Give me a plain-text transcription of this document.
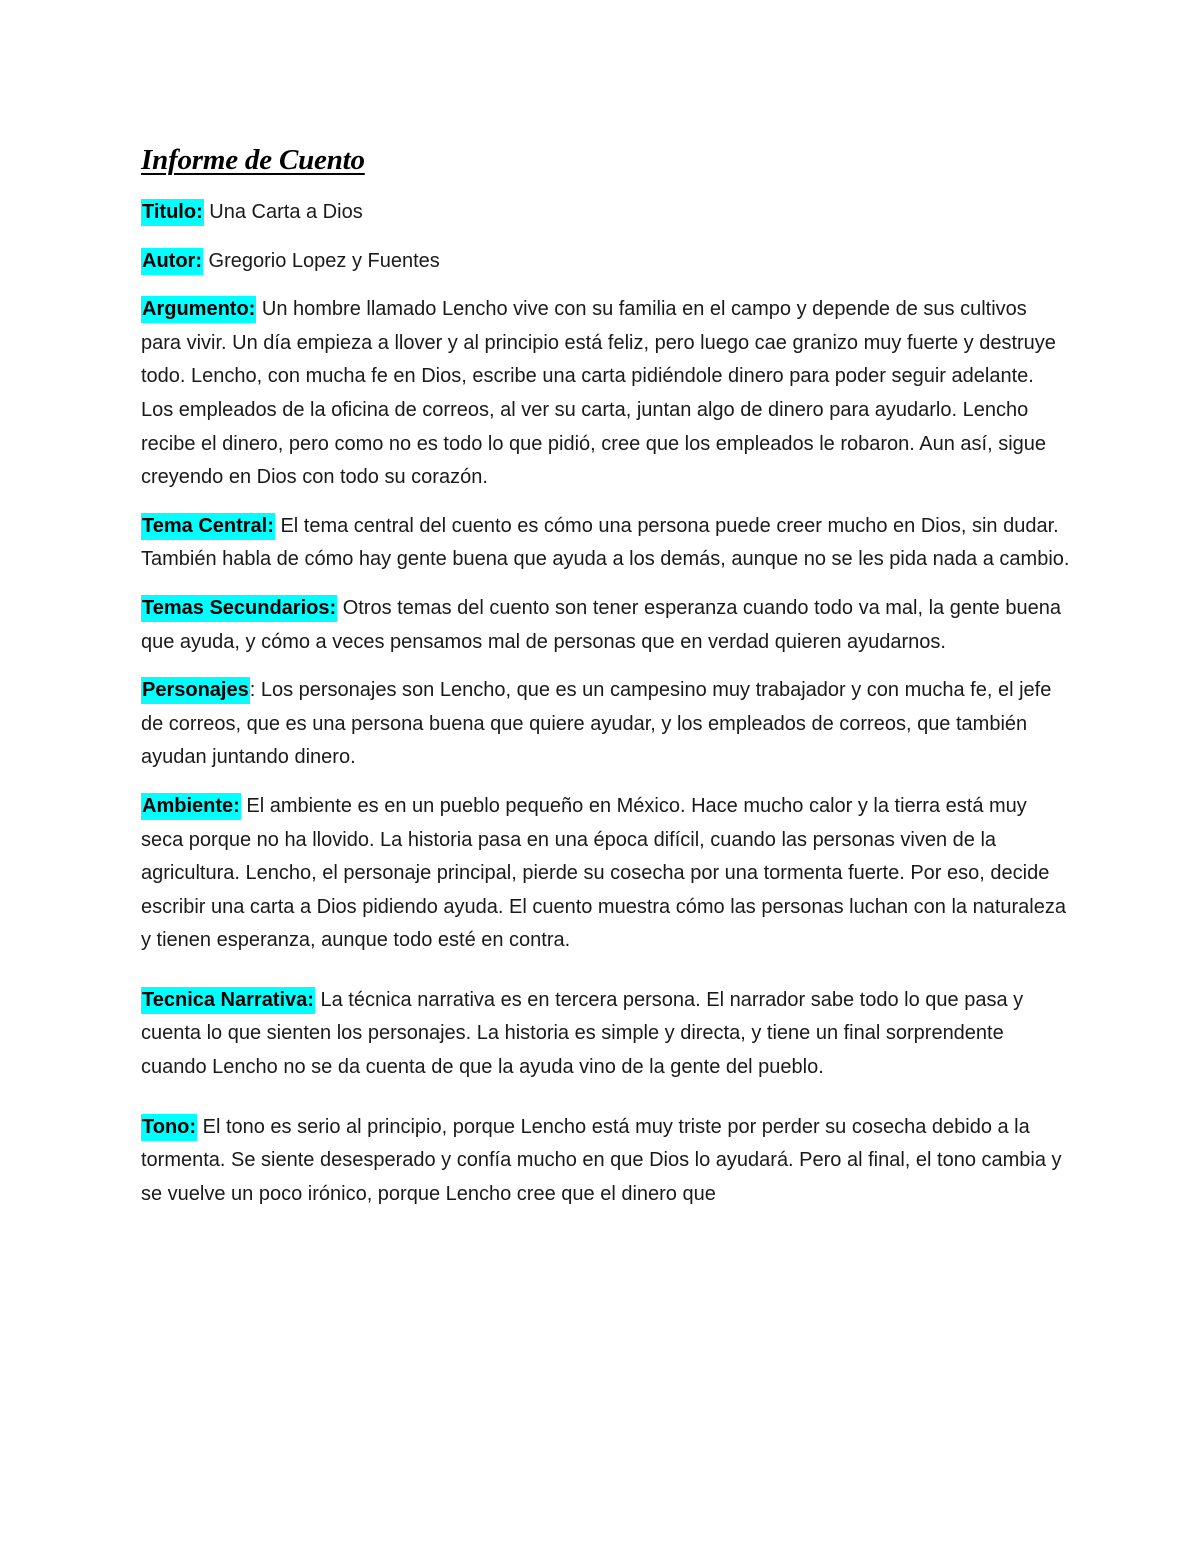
Informe de Cuento

Titulo: Una Carta a Dios

Autor: Gregorio Lopez y Fuentes

Argumento: Un hombre llamado Lencho vive con su familia en el campo y depende de sus cultivos para vivir. Un día empieza a llover y al principio está feliz, pero luego cae granizo muy fuerte y destruye todo. Lencho, con mucha fe en Dios, escribe una carta pidiéndole dinero para poder seguir adelante. Los empleados de la oficina de correos, al ver su carta, juntan algo de dinero para ayudarlo. Lencho recibe el dinero, pero como no es todo lo que pidió, cree que los empleados le robaron. Aun así, sigue creyendo en Dios con todo su corazón.

Tema Central: El tema central del cuento es cómo una persona puede creer mucho en Dios, sin dudar. También habla de cómo hay gente buena que ayuda a los demás, aunque no se les pida nada a cambio.

Temas Secundarios: Otros temas del cuento son tener esperanza cuando todo va mal, la gente buena que ayuda, y cómo a veces pensamos mal de personas que en verdad quieren ayudarnos.

Personajes: Los personajes son Lencho, que es un campesino muy trabajador y con mucha fe, el jefe de correos, que es una persona buena que quiere ayudar, y los empleados de correos, que también ayudan juntando dinero.

Ambiente: El ambiente es en un pueblo pequeño en México. Hace mucho calor y la tierra está muy seca porque no ha llovido. La historia pasa en una época difícil, cuando las personas viven de la agricultura. Lencho, el personaje principal, pierde su cosecha por una tormenta fuerte. Por eso, decide escribir una carta a Dios pidiendo ayuda. El cuento muestra cómo las personas luchan con la naturaleza y tienen esperanza, aunque todo esté en contra.

Tecnica Narrativa: La técnica narrativa es en tercera persona. El narrador sabe todo lo que pasa y cuenta lo que sienten los personajes. La historia es simple y directa, y tiene un final sorprendente cuando Lencho no se da cuenta de que la ayuda vino de la gente del pueblo.

Tono: El tono es serio al principio, porque Lencho está muy triste por perder su cosecha debido a la tormenta. Se siente desesperado y confía mucho en que Dios lo ayudará. Pero al final, el tono cambia y se vuelve un poco irónico, porque Lencho cree que el dinero que
